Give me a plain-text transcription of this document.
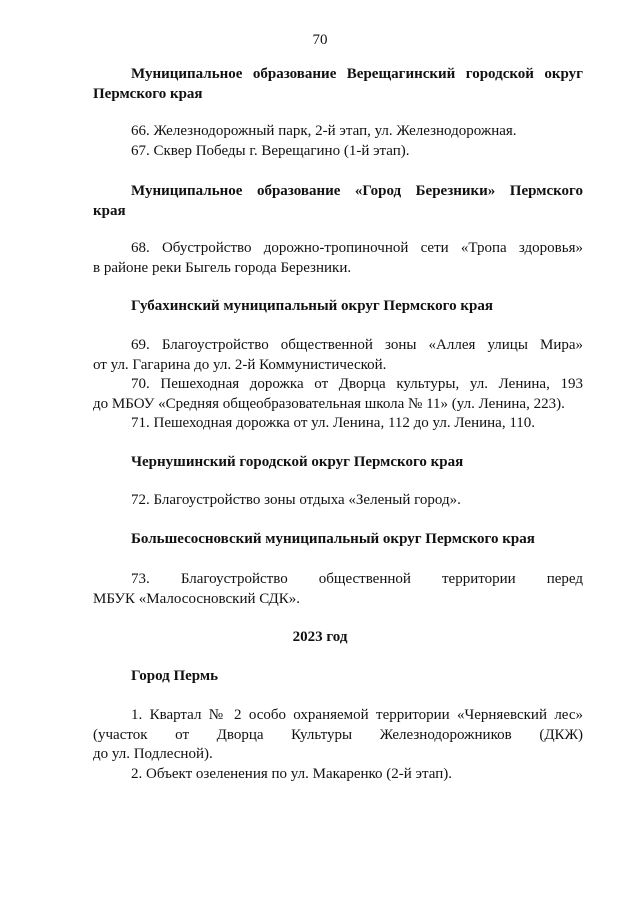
70
Муниципальное образование Верещагинский городской округ
Пермского края
66. Железнодорожный парк, 2-й этап, ул. Железнодорожная.
67. Сквер Победы г. Верещагино (1-й этап).
Муниципальное образование «Город Березники» Пермского
края
68. Обустройство дорожно-тропиночной сети «Тропа здоровья»
в районе реки Быгель города Березники.
Губахинский муниципальный округ Пермского края
69. Благоустройство общественной зоны «Аллея улицы Мира»
от ул. Гагарина до ул. 2-й Коммунистической.
70. Пешеходная дорожка от Дворца культуры, ул. Ленина, 193
до МБОУ «Средняя общеобразовательная школа № 11» (ул. Ленина, 223).
71. Пешеходная дорожка от ул. Ленина, 112 до ул. Ленина, 110.
Чернушинский городской округ Пермского края
72. Благоустройство зоны отдыха «Зеленый город».
Большесосновский муниципальный округ Пермского края
73. Благоустройство общественной территории перед
МБУК «Малососновский СДК».
2023 год
Город Пермь
1. Квартал № 2 особо охраняемой территории «Черняевский лес»
(участок от Дворца Культуры Железнодорожников (ДКЖ)
до ул. Подлесной).
2. Объект озеленения по ул. Макаренко (2-й этап).
